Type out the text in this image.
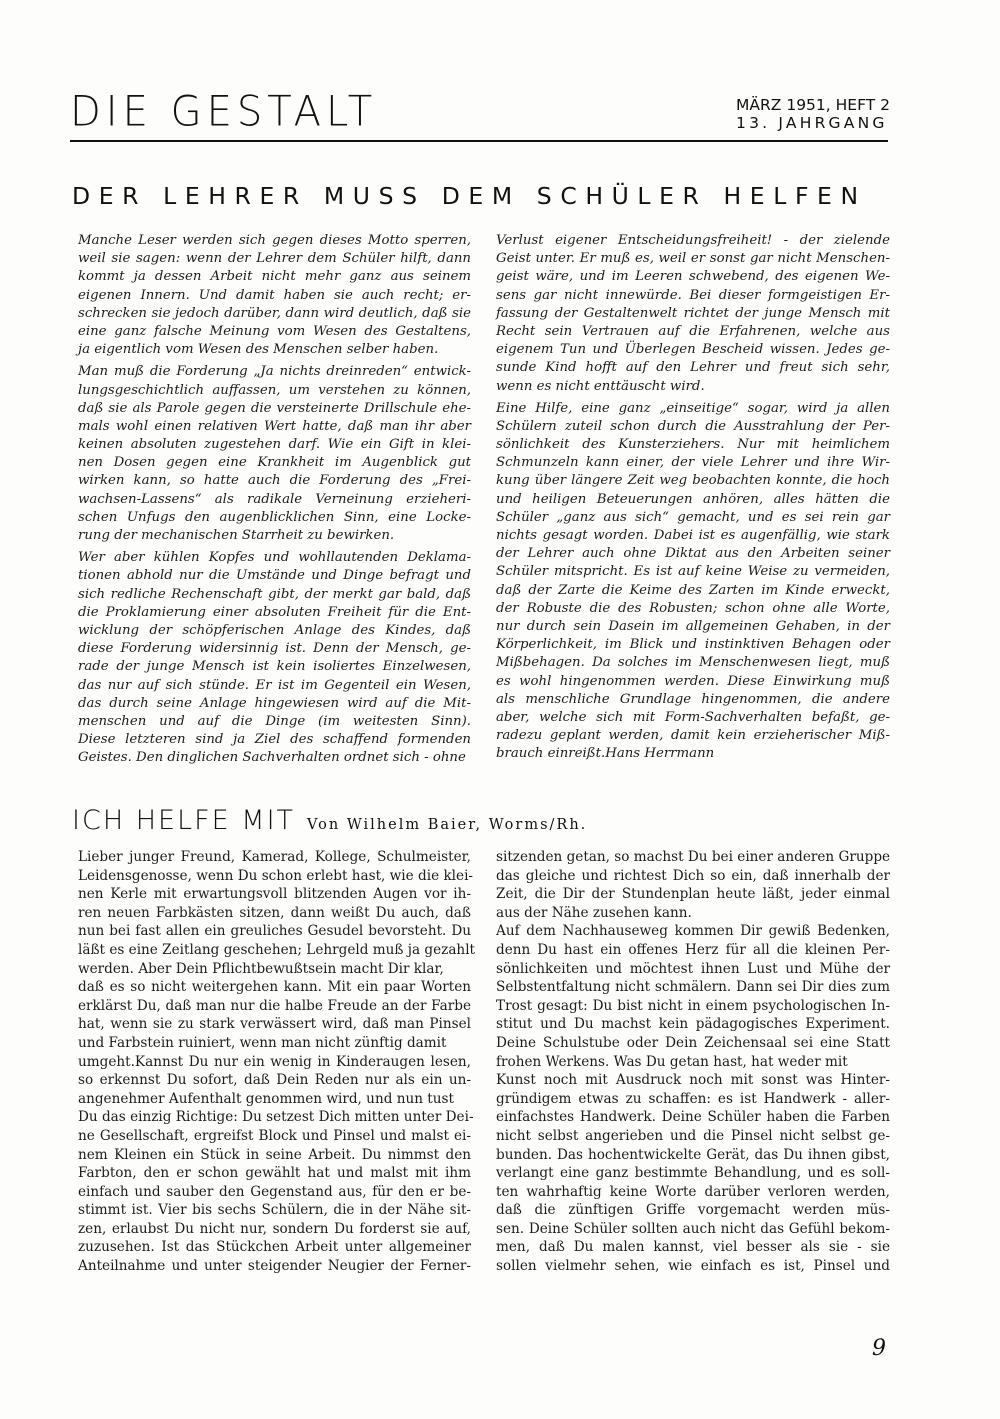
DIE GESTALT	MÄRZ 1951, HEFT 2
13. JAHRGANG
DER LEHRER MUSS DEM SCHÜLER HELFEN

Manche Leser werden sich gegen dieses Motto sperren,
weil sie sagen: wenn der Lehrer dem Schüler hilft, dann
kommt ja dessen Arbeit nicht mehr ganz aus seinem
eigenen Innern. Und damit haben sie auch recht; er-
schrecken sie jedoch darüber, dann wird deutlich, daß sie
eine ganz falsche Meinung vom Wesen des Gestaltens,
ja eigentlich vom Wesen des Menschen selber haben.

Man muß die Forderung „Ja nichts dreinreden“ entwick-
lungsgeschichtlich auffassen, um verstehen zu können,
daß sie als Parole gegen die versteinerte Drillschule ehe-
mals wohl einen relativen Wert hatte, daß man ihr aber
keinen absoluten zugestehen darf. Wie ein Gift in klei-
nen Dosen gegen eine Krankheit im Augenblick gut
wirken kann, so hatte auch die Forderung des „Frei-
wachsen-Lassens“ als radikale Verneinung erzieheri-
schen Unfugs den augenblicklichen Sinn, eine Locke-
rung der mechanischen Starrheit zu bewirken.

Wer aber kühlen Kopfes und wohllautenden Deklama-
tionen abhold nur die Umstände und Dinge befragt und
sich redliche Rechenschaft gibt, der merkt gar bald, daß
die Proklamierung einer absoluten Freiheit für die Ent-
wicklung der schöpferischen Anlage des Kindes, daß
diese Forderung widersinnig ist. Denn der Mensch, ge-
rade der junge Mensch ist kein isoliertes Einzelwesen,
das nur auf sich stünde. Er ist im Gegenteil ein Wesen,
das durch seine Anlage hingewiesen wird auf die Mit-
menschen und auf die Dinge (im weitesten Sinn).
Diese letzteren sind ja Ziel des schaffend formenden
Geistes. Den dinglichen Sachverhalten ordnet sich - ohne

Verlust eigener Entscheidungsfreiheit! - der zielende
Geist unter. Er muß es, weil er sonst gar nicht Menschen-
geist wäre, und im Leeren schwebend, des eigenen We-
sens gar nicht innewürde. Bei dieser formgeistigen Er-
fassung der Gestaltenwelt richtet der junge Mensch mit
Recht sein Vertrauen auf die Erfahrenen, welche aus
eigenem Tun und Überlegen Bescheid wissen. Jedes ge-
sunde Kind hofft auf den Lehrer und freut sich sehr,
wenn es nicht enttäuscht wird.

Eine Hilfe, eine ganz „einseitige“ sogar, wird ja allen
Schülern zuteil schon durch die Ausstrahlung der Per-
sönlichkeit des Kunsterziehers. Nur mit heimlichem
Schmunzeln kann einer, der viele Lehrer und ihre Wir-
kung über längere Zeit weg beobachten konnte, die hoch
und heiligen Beteuerungen anhören, alles hätten die
Schüler „ganz aus sich“ gemacht, und es sei rein gar
nichts gesagt worden. Dabei ist es augenfällig, wie stark
der Lehrer auch ohne Diktat aus den Arbeiten seiner
Schüler mitspricht. Es ist auf keine Weise zu vermeiden,
daß der Zarte die Keime des Zarten im Kinde erweckt,
der Robuste die des Robusten; schon ohne alle Worte,
nur durch sein Dasein im allgemeinen Gehaben, in der
Körperlichkeit, im Blick und instinktiven Behagen oder
Mißbehagen. Da solches im Menschenwesen liegt, muß
es wohl hingenommen werden. Diese Einwirkung muß
als menschliche Grundlage hingenommen, die andere
aber, welche sich mit Form-Sachverhalten befaßt, ge-
radezu geplant werden, damit kein erzieherischer Miß-
brauch einreißt.Hans Herrmann

ICH HELFE MIT Von Wilhelm Baier, Worms/Rh.
Lieber junger Freund, Kamerad, Kollege, Schulmeister,
Leidensgenosse, wenn Du schon erlebt hast, wie die klei-
nen Kerle mit erwartungsvoll blitzenden Augen vor ih-
ren neuen Farbkästen sitzen, dann weißt Du auch, daß
nun bei fast allen ein greuliches Gesudel bevorsteht. Du
läßt es eine Zeitlang geschehen; Lehrgeld muß ja gezahlt
werden. Aber Dein Pflichtbewußtsein macht Dir klar,
daß es so nicht weitergehen kann. Mit ein paar Worten
erklärst Du, daß man nur die halbe Freude an der Farbe
hat, wenn sie zu stark verwässert wird, daß man Pinsel
und Farbstein ruiniert, wenn man nicht zünftig damit
umgeht.Kannst Du nur ein wenig in Kinderaugen lesen,
so erkennst Du sofort, daß Dein Reden nur als ein un-
angenehmer Aufenthalt genommen wird, und nun tust
Du das einzig Richtige: Du setzest Dich mitten unter Dei-
ne Gesellschaft, ergreifst Block und Pinsel und malst ei-
nem Kleinen ein Stück in seine Arbeit. Du nimmst den
Farbton, den er schon gewählt hat und malst mit ihm
einfach und sauber den Gegenstand aus, für den er be-
stimmt ist. Vier bis sechs Schülern, die in der Nähe sit-
zen, erlaubst Du nicht nur, sondern Du forderst sie auf,
zuzusehen. Ist das Stückchen Arbeit unter allgemeiner
Anteilnahme und unter steigender Neugier der Ferner-
sitzenden getan, so machst Du bei einer anderen Gruppe
das gleiche und richtest Dich so ein, daß innerhalb der
Zeit, die Dir der Stundenplan heute läßt, jeder einmal
aus der Nähe zusehen kann.
Auf dem Nachhauseweg kommen Dir gewiß Bedenken,
denn Du hast ein offenes Herz für all die kleinen Per-
sönlichkeiten und möchtest ihnen Lust und Mühe der
Selbstentfaltung nicht schmälern. Dann sei Dir dies zum
Trost gesagt: Du bist nicht in einem psychologischen In-
stitut und Du machst kein pädagogisches Experiment.
Deine Schulstube oder Dein Zeichensaal sei eine Statt
frohen Werkens. Was Du getan hast, hat weder mit
Kunst noch mit Ausdruck noch mit sonst was Hinter-
gründigem etwas zu schaffen: es ist Handwerk - aller-
einfachstes Handwerk. Deine Schüler haben die Farben
nicht selbst angerieben und die Pinsel nicht selbst ge-
bunden. Das hochentwickelte Gerät, das Du ihnen gibst,
verlangt eine ganz bestimmte Behandlung, und es soll-
ten wahrhaftig keine Worte darüber verloren werden,
daß die zünftigen Griffe vorgemacht werden müs-
sen. Deine Schüler sollten auch nicht das Gefühl bekom-
men, daß Du malen kannst, viel besser als sie - sie
sollen vielmehr sehen, wie einfach es ist, Pinsel und
9
